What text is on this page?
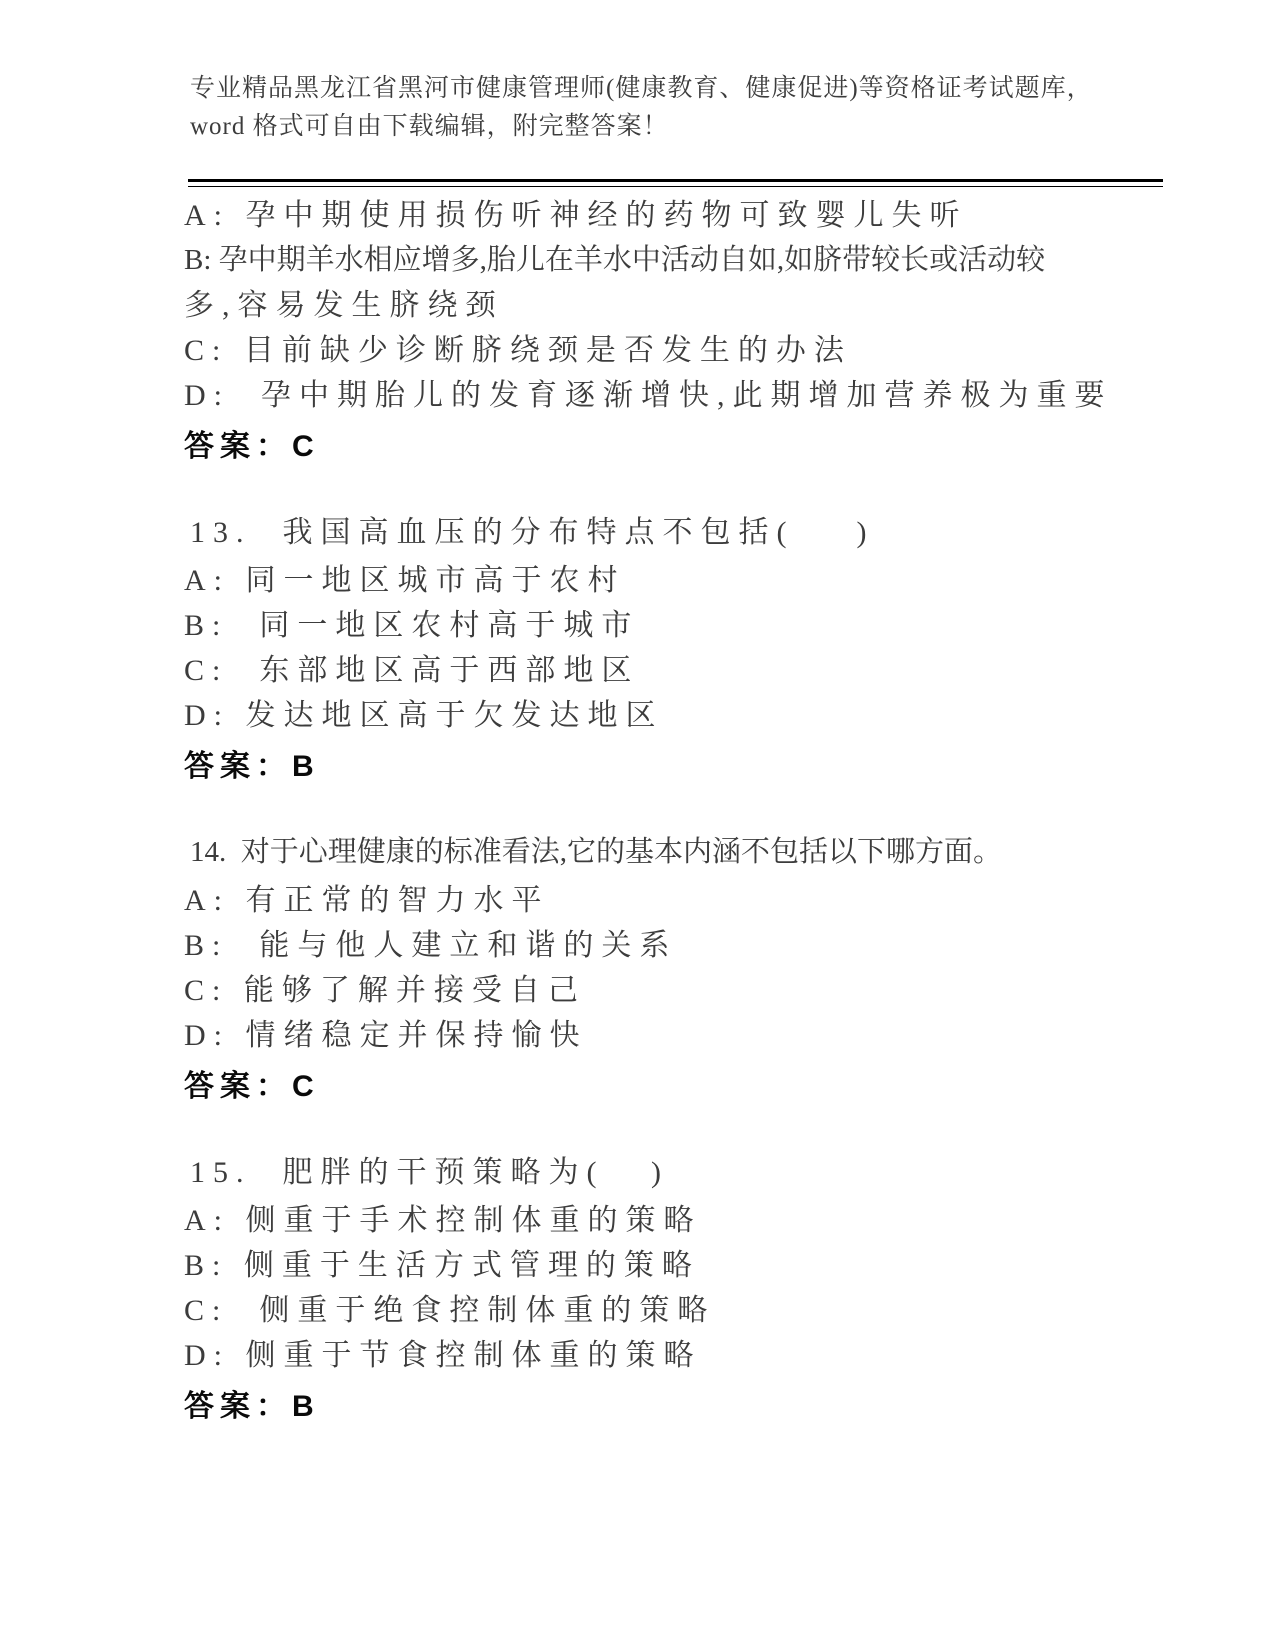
专业精品黑龙江省黑河市健康管理师(健康教育、健康促进)等资格证考试题库，
word 格式可自由下载编辑，附完整答案！
A: 孕中期使用损伤听神经的药物可致婴儿失听
B: 孕中期羊水相应增多,胎儿在羊水中活动自如,如脐带较长或活动较
多,容易发生脐绕颈
C: 目前缺少诊断脐绕颈是否发生的办法
D:  孕中期胎儿的发育逐渐增快,此期增加营养极为重要
答案：C
13.  我国高血压的分布特点不包括(    )
A: 同一地区城市高于农村
B:  同一地区农村高于城市
C:  东部地区高于西部地区
D: 发达地区高于欠发达地区
答案：B
14.  对于心理健康的标准看法,它的基本内涵不包括以下哪方面。
A: 有正常的智力水平
B:  能与他人建立和谐的关系
C: 能够了解并接受自己
D: 情绪稳定并保持愉快
答案：C
15.  肥胖的干预策略为(   )
A: 侧重于手术控制体重的策略
B: 侧重于生活方式管理的策略
C:  侧重于绝食控制体重的策略
D: 侧重于节食控制体重的策略
答案：B
